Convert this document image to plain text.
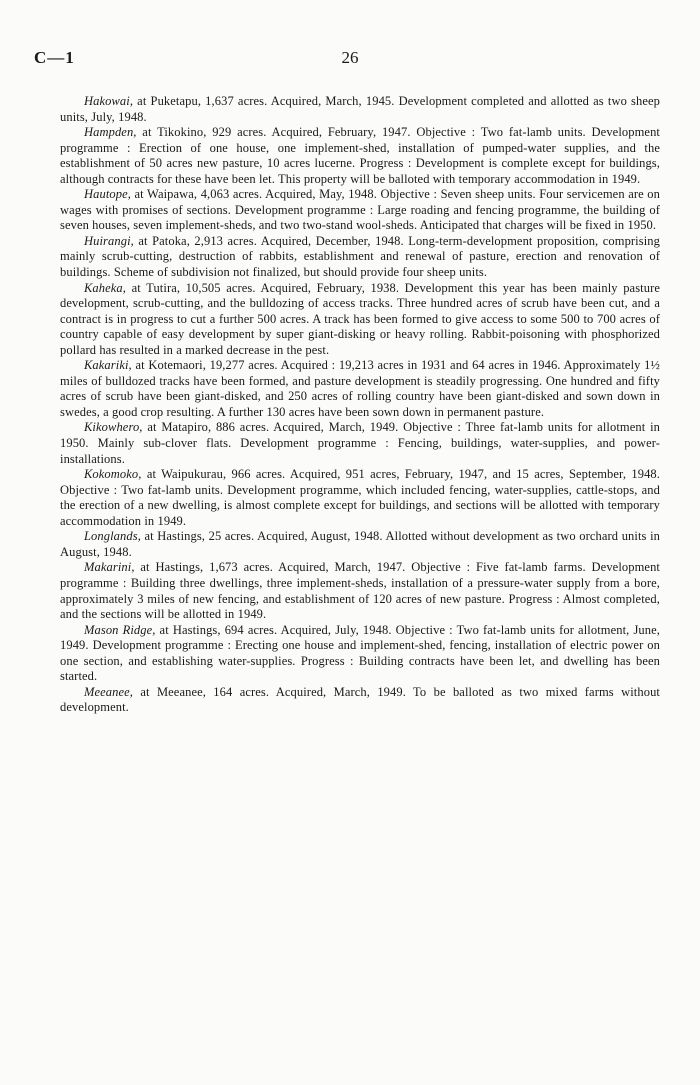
C—1	26

Hakowai, at Puketapu, 1,637 acres. Acquired, March, 1945. Development completed and allotted as two sheep units, July, 1948.

Hampden, at Tikokino, 929 acres. Acquired, February, 1947. Objective : Two fat-lamb units. Development programme : Erection of one house, one implement-shed, installation of pumped-water supplies, and the establishment of 50 acres new pasture, 10 acres lucerne. Progress : Development is complete except for buildings, although contracts for these have been let. This property will be balloted with temporary accommodation in 1949.

Hautope, at Waipawa, 4,063 acres. Acquired, May, 1948. Objective : Seven sheep units. Four servicemen are on wages with promises of sections. Development programme : Large roading and fencing programme, the building of seven houses, seven implement-sheds, and two two-stand wool-sheds. Anticipated that charges will be fixed in 1950.

Huirangi, at Patoka, 2,913 acres. Acquired, December, 1948. Long-term-development proposition, comprising mainly scrub-cutting, destruction of rabbits, establishment and renewal of pasture, erection and renovation of buildings. Scheme of subdivision not finalized, but should provide four sheep units.

Kaheka, at Tutira, 10,505 acres. Acquired, February, 1938. Development this year has been mainly pasture development, scrub-cutting, and the bulldozing of access tracks. Three hundred acres of scrub have been cut, and a contract is in progress to cut a further 500 acres. A track has been formed to give access to some 500 to 700 acres of country capable of easy development by super giant-disking or heavy rolling. Rabbit-poisoning with phosphorized pollard has resulted in a marked decrease in the pest.

Kakariki, at Kotemaori, 19,277 acres. Acquired : 19,213 acres in 1931 and 64 acres in 1946. Approximately 1½ miles of bulldozed tracks have been formed, and pasture development is steadily progressing. One hundred and fifty acres of scrub have been giant-disked, and 250 acres of rolling country have been giant-disked and sown down in swedes, a good crop resulting. A further 130 acres have been sown down in permanent pasture.

Kikowhero, at Matapiro, 886 acres. Acquired, March, 1949. Objective : Three fat-lamb units for allotment in 1950. Mainly sub-clover flats. Development programme : Fencing, buildings, water-supplies, and power-installations.

Kokomoko, at Waipukurau, 966 acres. Acquired, 951 acres, February, 1947, and 15 acres, September, 1948. Objective : Two fat-lamb units. Development programme, which included fencing, water-supplies, cattle-stops, and the erection of a new dwelling, is almost complete except for buildings, and sections will be allotted with temporary accommodation in 1949.

Longlands, at Hastings, 25 acres. Acquired, August, 1948. Allotted without development as two orchard units in August, 1948.

Makarini, at Hastings, 1,673 acres. Acquired, March, 1947. Objective : Five fat-lamb farms. Development programme : Building three dwellings, three implement-sheds, installation of a pressure-water supply from a bore, approximately 3 miles of new fencing, and establishment of 120 acres of new pasture. Progress : Almost completed, and the sections will be allotted in 1949.

Mason Ridge, at Hastings, 694 acres. Acquired, July, 1948. Objective : Two fat-lamb units for allotment, June, 1949. Development programme : Erecting one house and implement-shed, fencing, installation of electric power on one section, and establishing water-supplies. Progress : Building contracts have been let, and dwelling has been started.

Meeanee, at Meeanee, 164 acres. Acquired, March, 1949. To be balloted as two mixed farms without development.
